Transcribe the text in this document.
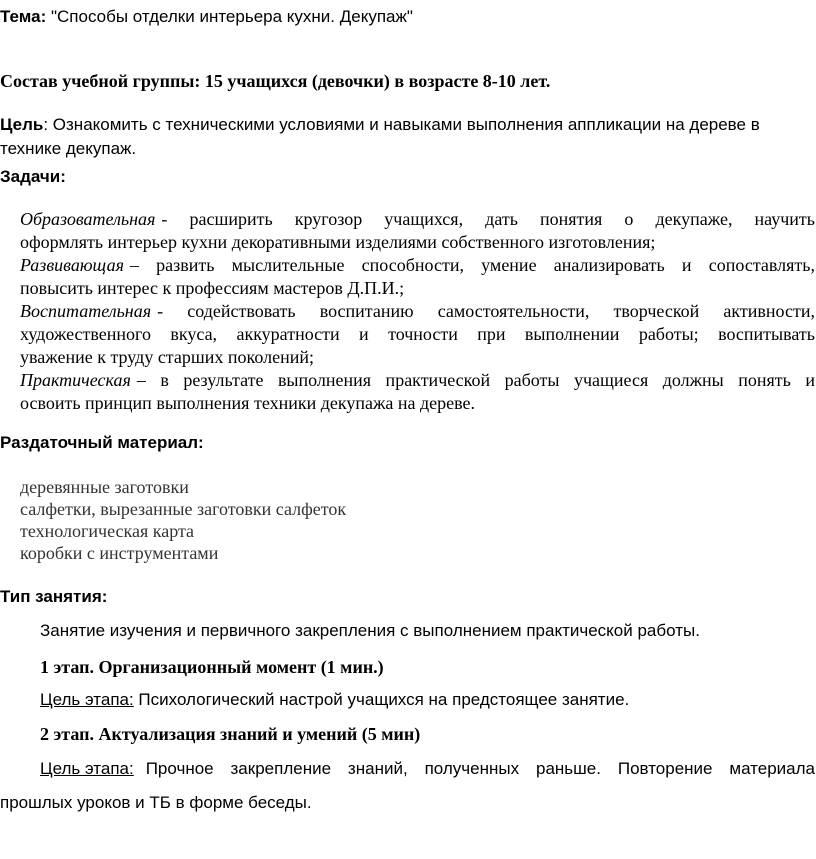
Тема: "Способы отделки интерьера кухни. Декупаж"
Состав учебной группы: 15 учащихся (девочки) в возрасте 8-10 лет.
Цель: Ознакомить с техническими условиями и навыками выполнения аппликации на дереве в
технике декупаж.
Задачи:
Образовательная - расширить кругозор учащихся, дать понятия о декупаже, научить
оформлять интерьер кухни декоративными изделиями собственного изготовления;
Развивающая – развить мыслительные способности, умение анализировать и сопоставлять,
повысить интерес к профессиям мастеров Д.П.И.;
Воспитательная - содействовать воспитанию самостоятельности, творческой активности,
художественного вкуса, аккуратности и точности при выполнении работы; воспитывать
уважение к труду старших поколений;
Практическая – в результате выполнения практической работы учащиеся должны понять и
освоить принцип выполнения техники декупажа на дереве.
Раздаточный материал:
деревянные заготовки
салфетки, вырезанные заготовки салфеток
технологическая карта
коробки с инструментами
Тип занятия:
Занятие изучения и первичного закрепления с выполнением практической работы.
1 этап. Организационный момент (1 мин.)
Цель этапа: Психологический настрой учащихся на предстоящее занятие.
2 этап. Актуализация знаний и умений (5 мин)
Цель этапа: Прочное закрепление знаний, полученных раньше. Повторение материала
прошлых уроков и ТБ в форме беседы.
